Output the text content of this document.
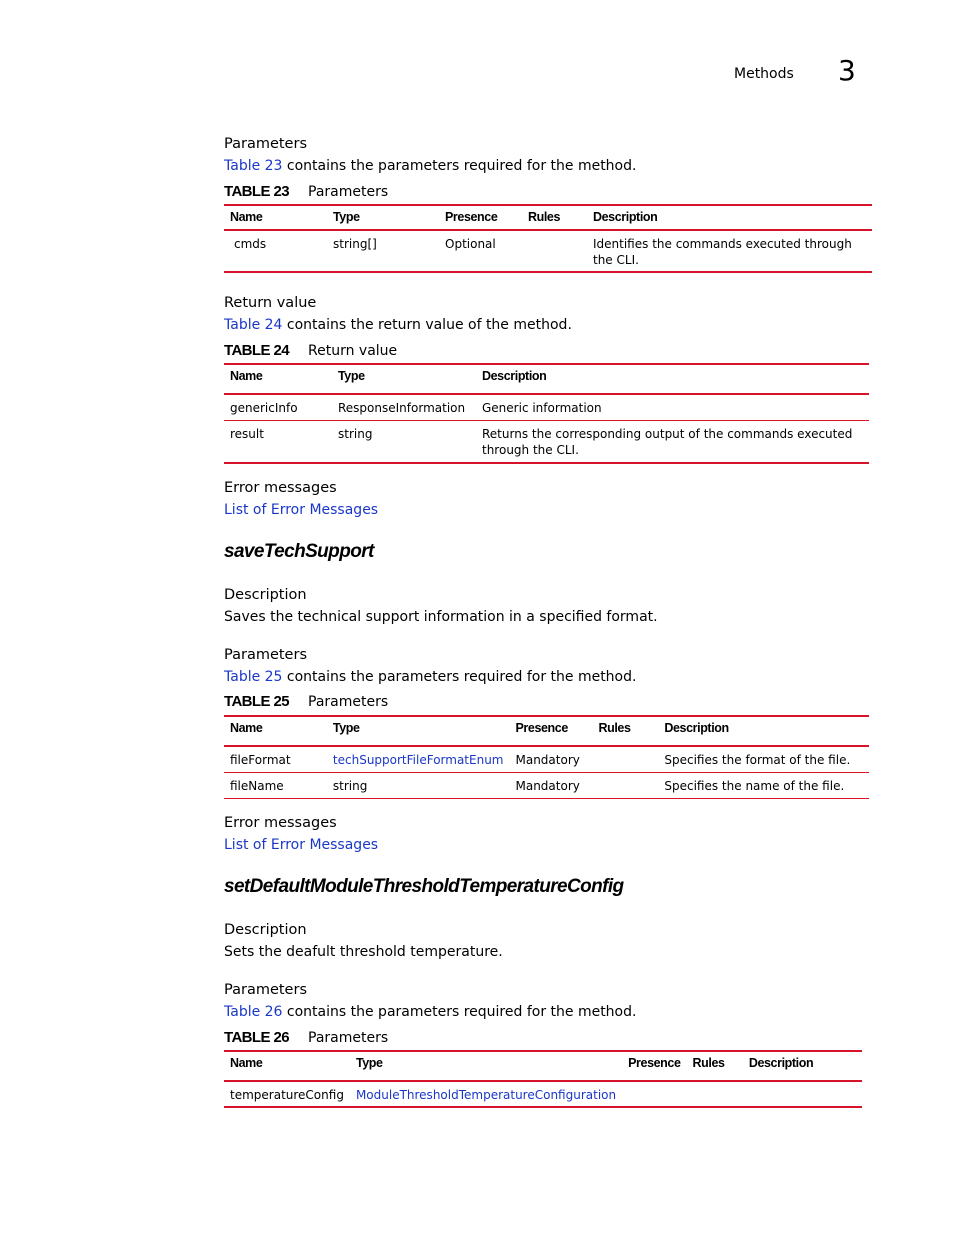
Methods 3
Parameters
Table 23 contains the parameters required for the method.
TABLE 23 Parameters
Name	Type	Presence	Rules	Description
cmds	string[]	Optional		Identifies the commands executed through the CLI.
Return value
Table 24 contains the return value of the method.
TABLE 24 Return value
Name	Type	Description
genericInfo	ResponseInformation	Generic information
result	string	Returns the corresponding output of the commands executed through the CLI.
Error messages
List of Error Messages
saveTechSupport
Description
Saves the technical support information in a specified format.
Parameters
Table 25 contains the parameters required for the method.
TABLE 25 Parameters
Name	Type	Presence	Rules	Description
fileFormat	techSupportFileFormatEnum	Mandatory		Specifies the format of the file.
fileName	string	Mandatory		Specifies the name of the file.
Error messages
List of Error Messages
setDefaultModuleThresholdTemperatureConfig
Description
Sets the deafult threshold temperature.
Parameters
Table 26 contains the parameters required for the method.
TABLE 26 Parameters
Name	Type	Presence	Rules	Description
temperatureConfig	ModuleThresholdTemperatureConfiguration			
